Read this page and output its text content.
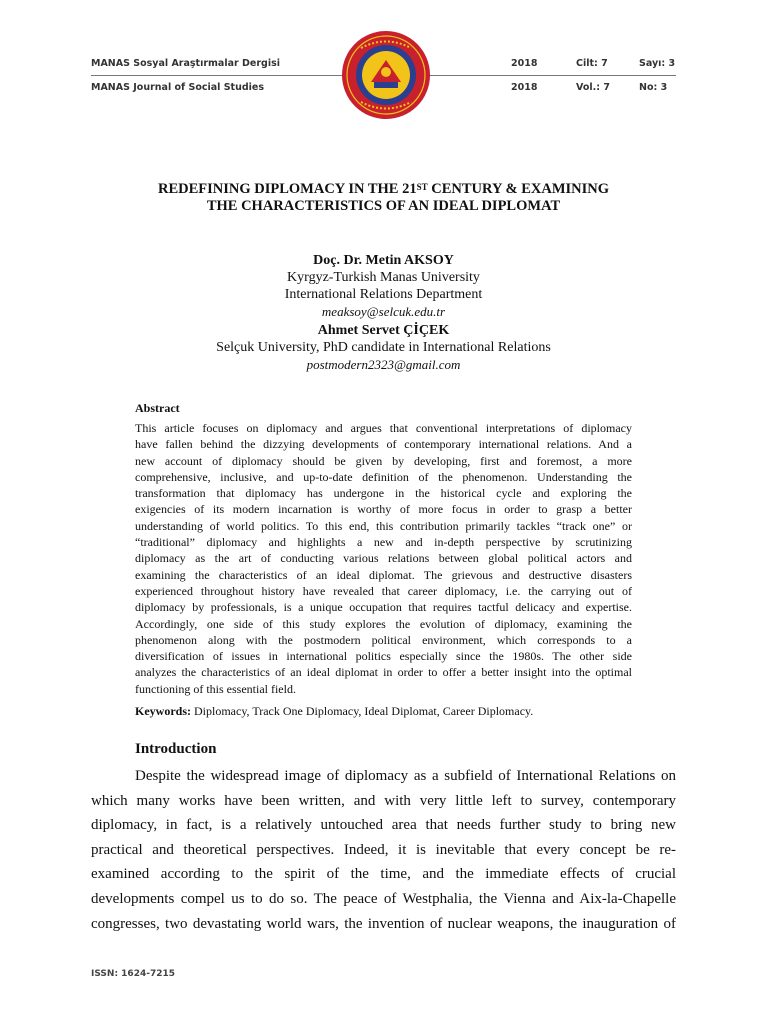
MANAS Sosyal Araştırmalar Dergisi	2018	Cilt: 7	Sayı: 3
MANAS Journal of Social Studies	2018	Vol.: 7	No: 3
REDEFINING DIPLOMACY IN THE 21ST CENTURY & EXAMINING
THE CHARACTERISTICS OF AN IDEAL DIPLOMAT
Doç. Dr. Metin AKSOY
Kyrgyz-Turkish Manas University
International Relations Department
meaksoy@selcuk.edu.tr
Ahmet Servet ÇİÇEK
Selçuk University, PhD candidate in International Relations
postmodern2323@gmail.com
Abstract
This article focuses on diplomacy and argues that conventional interpretations of diplomacy
have fallen behind the dizzying developments of contemporary international relations. And a
new account of diplomacy should be given by developing, first and foremost, a more
comprehensive, inclusive, and up-to-date definition of the phenomenon. Understanding the
transformation that diplomacy has undergone in the historical cycle and exploring the
exigencies of its modern incarnation is worthy of more focus in order to grasp a better
understanding of world politics. To this end, this contribution primarily tackles “track one” or
“traditional” diplomacy and highlights a new and in-depth perspective by scrutinizing
diplomacy as the art of conducting various relations between global political actors and
examining the characteristics of an ideal diplomat. The grievous and destructive disasters
experienced throughout history have revealed that career diplomacy, i.e. the carrying out of
diplomacy by professionals, is a unique occupation that requires tactful delicacy and expertise.
Accordingly, one side of this study explores the evolution of diplomacy, examining the
phenomenon along with the postmodern political environment, which corresponds to a
diversification of issues in international politics especially since the 1980s. The other side
analyzes the characteristics of an ideal diplomat in order to offer a better insight into the optimal
functioning of this essential field.
Keywords: Diplomacy, Track One Diplomacy, Ideal Diplomat, Career Diplomacy.
Introduction
Despite the widespread image of diplomacy as a subfield of International Relations on
which many works have been written, and with very little left to survey, contemporary
diplomacy, in fact, is a relatively untouched area that needs further study to bring new
practical and theoretical perspectives. Indeed, it is inevitable that every concept be re-
examined according to the spirit of the time, and the immediate effects of crucial
developments compel us to do so. The peace of Westphalia, the Vienna and Aix-la-Chapelle
congresses, two devastating world wars, the invention of nuclear weapons, the inauguration of
ISSN: 1624-7215
